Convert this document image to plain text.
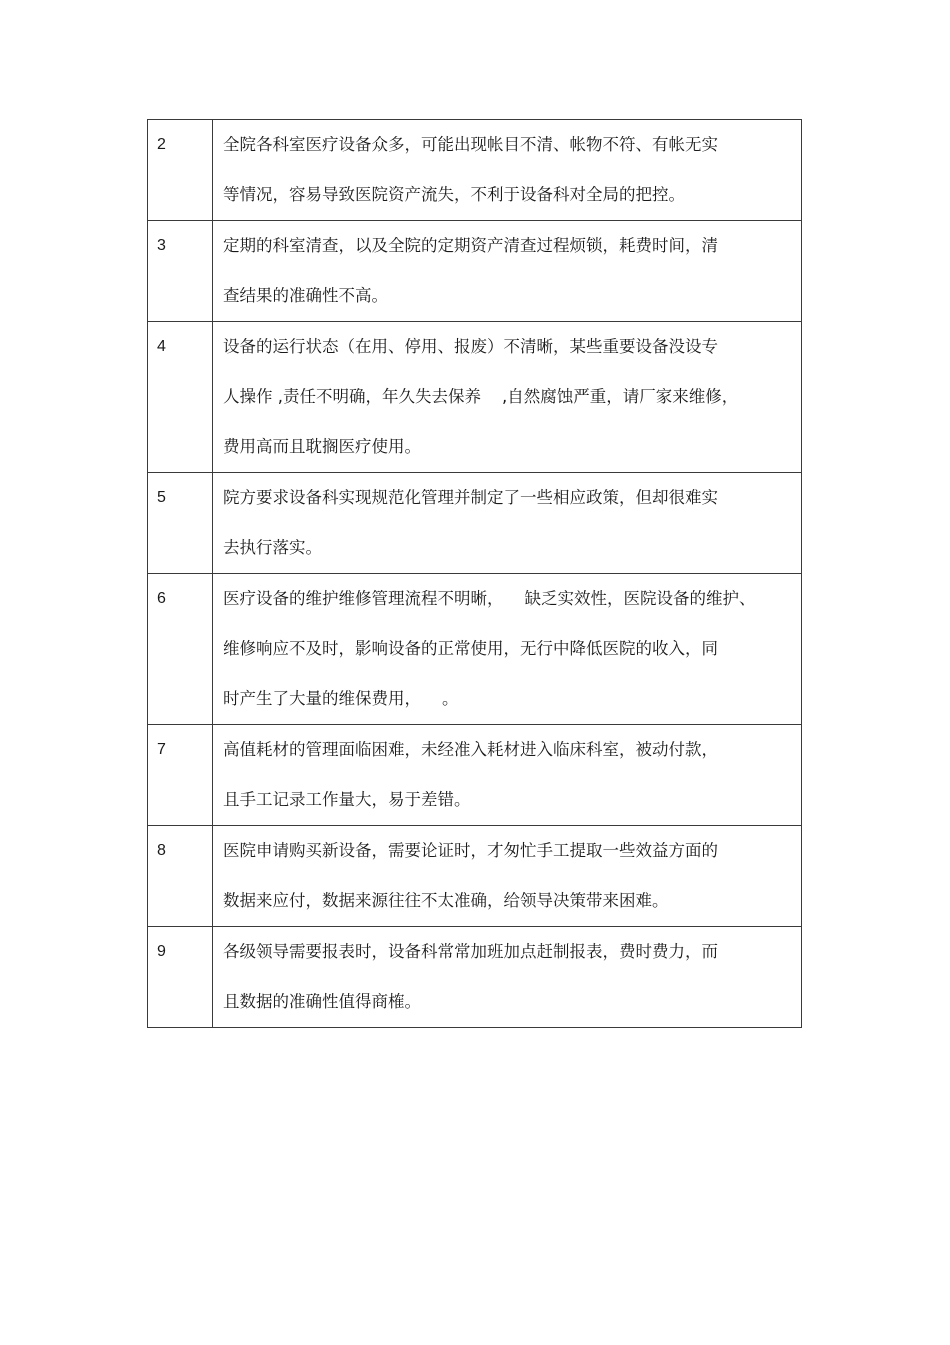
2	全院各科室医疗设备众多，可能出现帐目不清、帐物不符、有帐无实
等情况，容易导致医院资产流失，不利于设备科对全局的把控。

3	定期的科室清查，以及全院的定期资产清查过程烦锁，耗费时间，清
查结果的准确性不高。

4	设备的运行状态（在用、停用、报废）不清晰，某些重要设备没设专
人操作 ,责任不明确，年久失去保养    ,自然腐蚀严重，请厂家来维修，
费用高而且耽搁医疗使用。

5	院方要求设备科实现规范化管理并制定了一些相应政策，但却很难实
去执行落实。

6	医疗设备的维护维修管理流程不明晰，    缺乏实效性，医院设备的维护、
维修响应不及时，影响设备的正常使用，无行中降低医院的收入，同
时产生了大量的维保费用，    。

7	高值耗材的管理面临困难，未经准入耗材进入临床科室，被动付款，
且手工记录工作量大，易于差错。

8	医院申请购买新设备，需要论证时，才匆忙手工提取一些效益方面的
数据来应付，数据来源往往不太准确，给领导决策带来困难。

9	各级领导需要报表时，设备科常常加班加点赶制报表，费时费力，而
且数据的准确性值得商榷。
